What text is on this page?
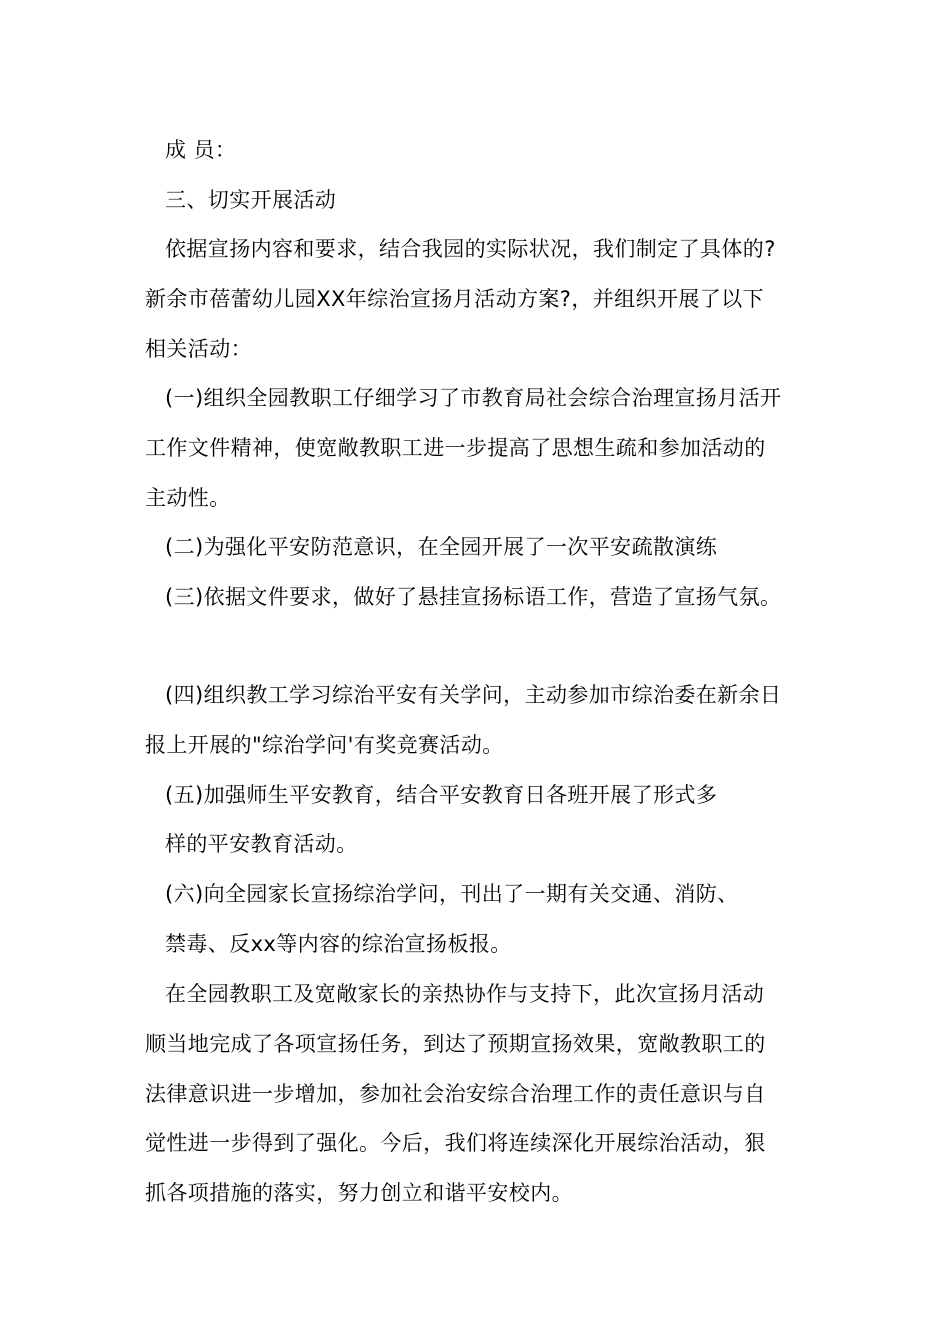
成 员：
三、切实开展活动
依据宣扬内容和要求，结合我园的实际状况，我们制定了具体的?
新余市蓓蕾幼儿园XX年综治宣扬月活动方案?，并组织开展了以下
相关活动：
(一)组织全园教职工仔细学习了市教育局社会综合治理宣扬月活开
工作文件精神，使宽敞教职工进一步提高了思想生疏和参加活动的
主动性。
(二)为强化平安防范意识，在全园开展了一次平安疏散演练
(三)依据文件要求，做好了悬挂宣扬标语工作，营造了宣扬气氛。
(四)组织教工学习综治平安有关学问，主动参加市综治委在新余日
报上开展的"综治学问'有奖竞赛活动。
(五)加强师生平安教育，结合平安教育日各班开展了形式多
样的平安教育活动。
(六)向全园家长宣扬综治学问，刊出了一期有关交通、消防、
禁毒、反xx等内容的综治宣扬板报。
在全园教职工及宽敞家长的亲热协作与支持下，此次宣扬月活动
顺当地完成了各项宣扬任务，到达了预期宣扬效果，宽敞教职工的
法律意识进一步增加，参加社会治安综合治理工作的责任意识与自
觉性进一步得到了强化。今后，我们将连续深化开展综治活动，狠
抓各项措施的落实，努力创立和谐平安校内。
